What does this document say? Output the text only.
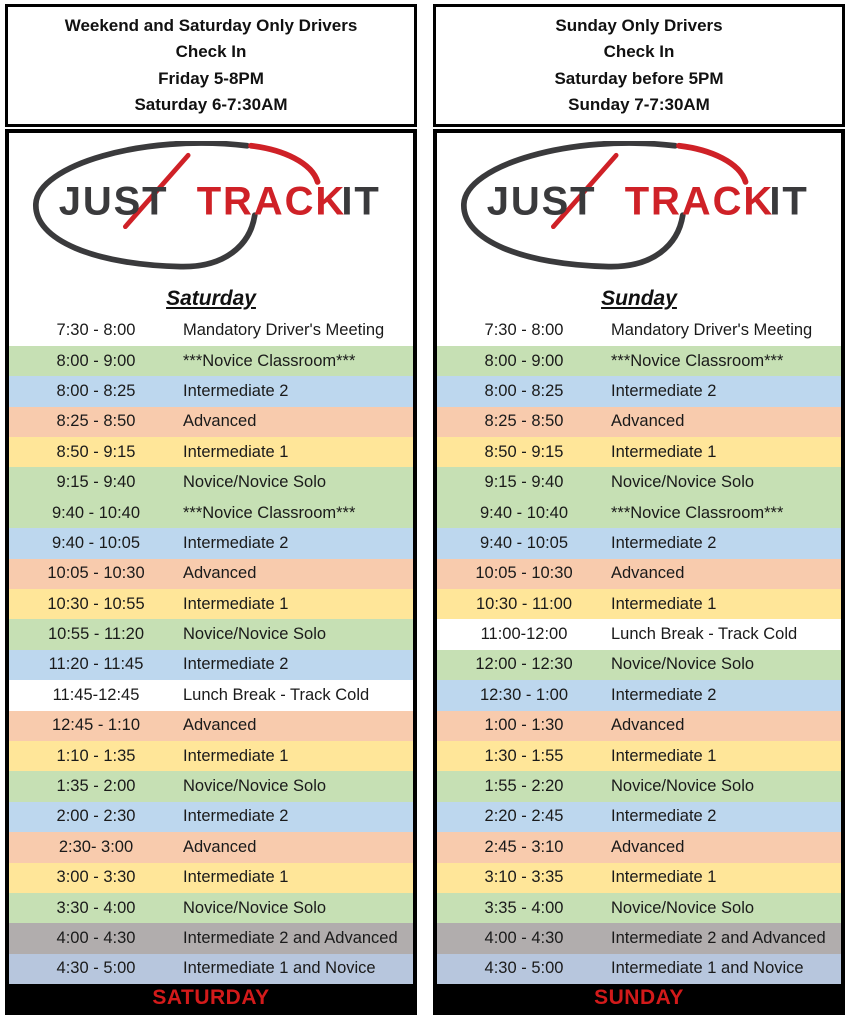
Weekend and Saturday Only Drivers
Check In
Friday 5-8PM
Saturday 6-7:30AM
JUST TRACK
IT
Saturday
7:30 - 8:00	Mandatory Driver's Meeting
8:00 - 9:00	***Novice Classroom***
8:00 - 8:25	Intermediate 2
8:25 - 8:50	Advanced
8:50 - 9:15	Intermediate 1
9:15 - 9:40	Novice/Novice Solo
9:40 - 10:40	***Novice Classroom***
9:40 - 10:05	Intermediate 2
10:05 - 10:30	Advanced
10:30 - 10:55	Intermediate 1
10:55 - 11:20	Novice/Novice Solo
11:20 - 11:45	Intermediate 2
11:45-12:45	Lunch Break - Track Cold
12:45 - 1:10	Advanced
1:10 - 1:35	Intermediate 1
1:35 - 2:00	Novice/Novice Solo
2:00 - 2:30	Intermediate 2
2:30- 3:00	Advanced
3:00 - 3:30	Intermediate 1
3:30 - 4:00	Novice/Novice Solo
4:00 - 4:30	Intermediate 2 and Advanced
4:30 - 5:00	Intermediate 1 and Novice
SATURDAY
Sunday Only Drivers
Check In
Saturday before 5PM
Sunday 7-7:30AM
JUST TRACK
IT
Sunday
7:30 - 8:00	Mandatory Driver's Meeting
8:00 - 9:00	***Novice Classroom***
8:00 - 8:25	Intermediate 2
8:25 - 8:50	Advanced
8:50 - 9:15	Intermediate 1
9:15 - 9:40	Novice/Novice Solo
9:40 - 10:40	***Novice Classroom***
9:40 - 10:05	Intermediate 2
10:05 - 10:30	Advanced
10:30 - 11:00	Intermediate 1
11:00-12:00	Lunch Break - Track Cold
12:00 - 12:30	Novice/Novice Solo
12:30 - 1:00	Intermediate 2
1:00 - 1:30	Advanced
1:30 - 1:55	Intermediate 1
1:55 - 2:20	Novice/Novice Solo
2:20 - 2:45	Intermediate 2
2:45 - 3:10	Advanced
3:10 - 3:35	Intermediate 1
3:35 - 4:00	Novice/Novice Solo
4:00 - 4:30	Intermediate 2 and Advanced
4:30 - 5:00	Intermediate 1 and Novice
SUNDAY
